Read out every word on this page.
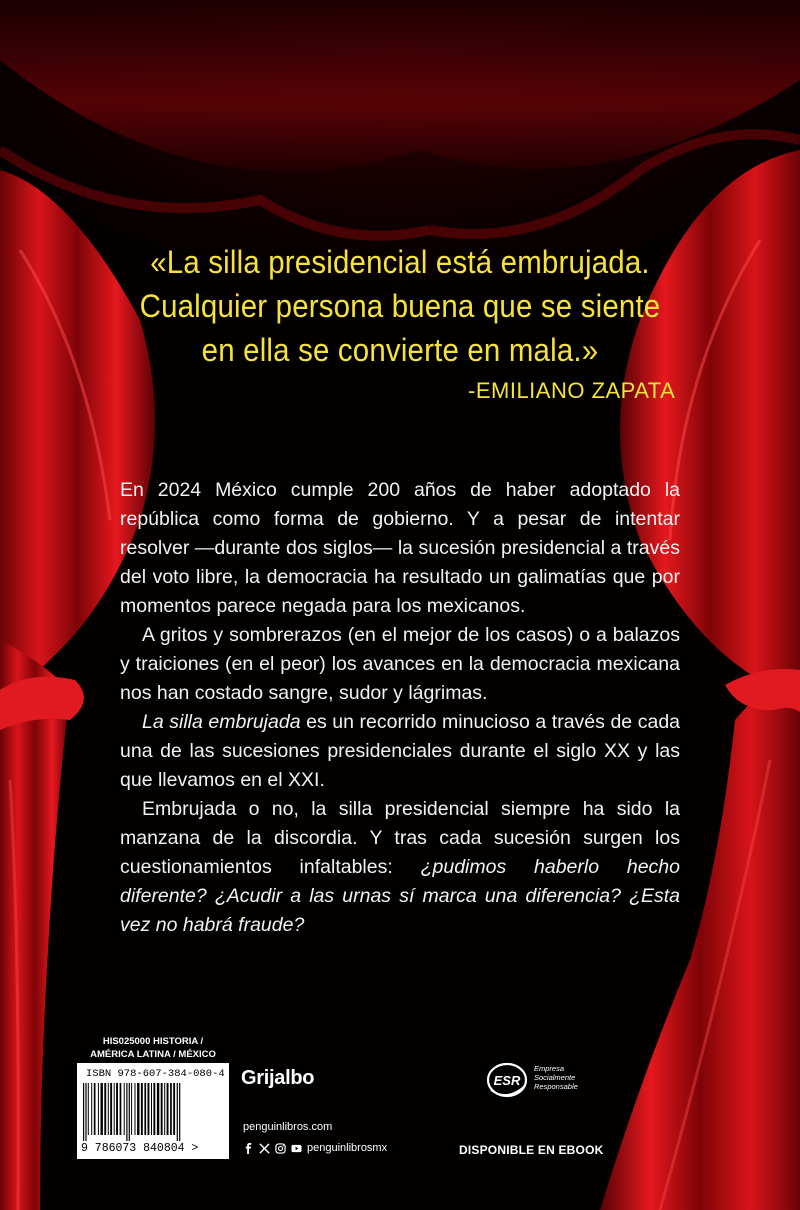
«La silla presidencial está embrujada.
Cualquier persona buena que se siente
en ella se convierte en mala.»
-EMILIANO ZAPATA

En 2024 México cumple 200 años de haber adoptado la república como forma de gobierno. Y a pesar de intentar resolver —durante dos siglos— la sucesión presidencial a través del voto libre, la democracia ha resultado un galimatías que por momentos parece negada para los mexicanos.

A gritos y sombrerazos (en el mejor de los casos) o a balazos y traiciones (en el peor) los avances en la democracia mexicana nos han costado sangre, sudor y lágrimas.

La silla embrujada es un recorrido minucioso a través de cada una de las sucesiones presidenciales durante el siglo XX y las que llevamos en el XXI.

Embrujada o no, la silla presidencial siempre ha sido la manzana de la discordia. Y tras cada sucesión surgen los cuestionamientos infaltables: ¿pudimos haberlo hecho diferente? ¿Acudir a las urnas sí marca una diferencia? ¿Esta vez no habrá fraude?

HIS025000 HISTORIA /
AMÉRICA LATINA / MÉXICO
ISBN 978-607-384-080-4
9 786073 840804 >
Grijalbo
penguinlibros.com
penguinlibrosmx
ESR
Empresa
Socialmente
Responsable
DISPONIBLE EN EBOOK
